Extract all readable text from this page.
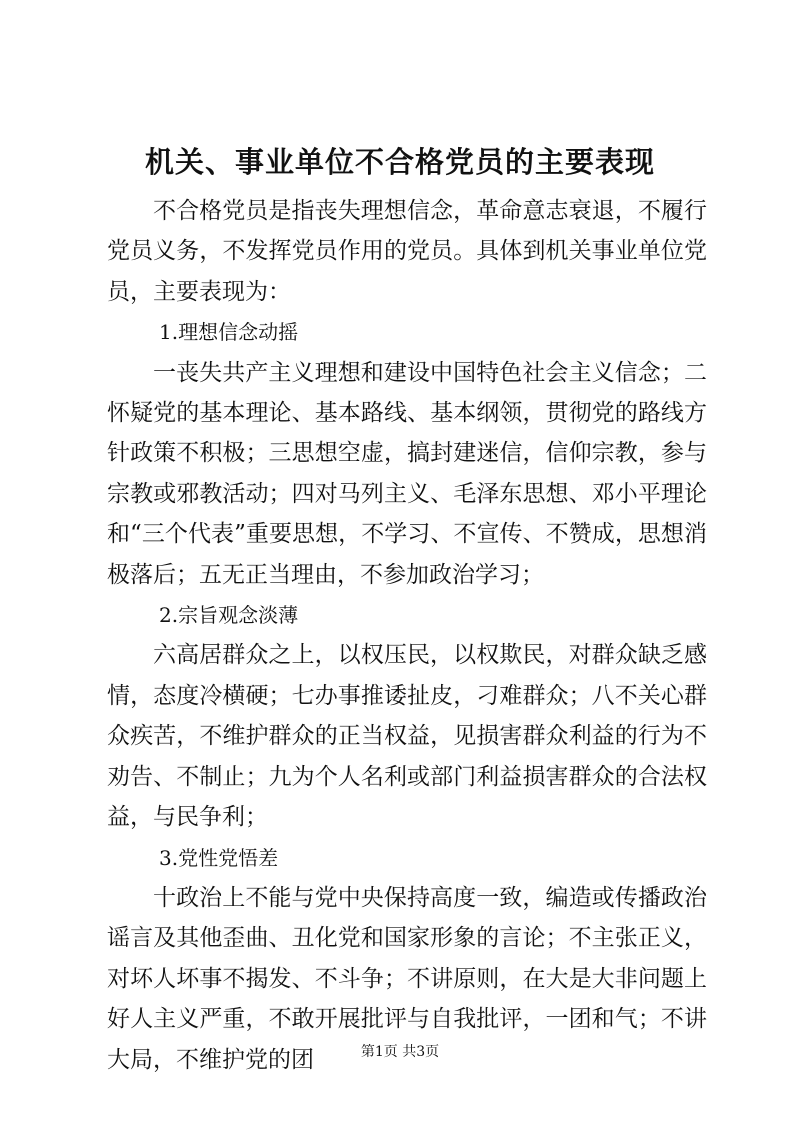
机关、事业单位不合格党员的主要表现

不合格党员是指丧失理想信念，革命意志衰退，不履行党员义务，不发挥党员作用的党员。具体到机关事业单位党员，主要表现为：

1.理想信念动摇

一丧失共产主义理想和建设中国特色社会主义信念；二怀疑党的基本理论、基本路线、基本纲领，贯彻党的路线方针政策不积极；三思想空虚，搞封建迷信，信仰宗教，参与宗教或邪教活动；四对马列主义、毛泽东思想、邓小平理论和“三个代表”重要思想，不学习、不宣传、不赞成，思想消极落后；五无正当理由，不参加政治学习；

2.宗旨观念淡薄

六高居群众之上，以权压民，以权欺民，对群众缺乏感情，态度冷横硬；七办事推诿扯皮，刁难群众；八不关心群众疾苦，不维护群众的正当权益，见损害群众利益的行为不劝告、不制止；九为个人名利或部门利益损害群众的合法权益，与民争利；

3.党性党悟差

十政治上不能与党中央保持高度一致，编造或传播政治谣言及其他歪曲、丑化党和国家形象的言论；不主张正义，对坏人坏事不揭发、不斗争；不讲原则，在大是大非问题上好人主义严重，不敢开展批评与自我批评，一团和气；不讲大局，不维护党的团	第1页 共3页
